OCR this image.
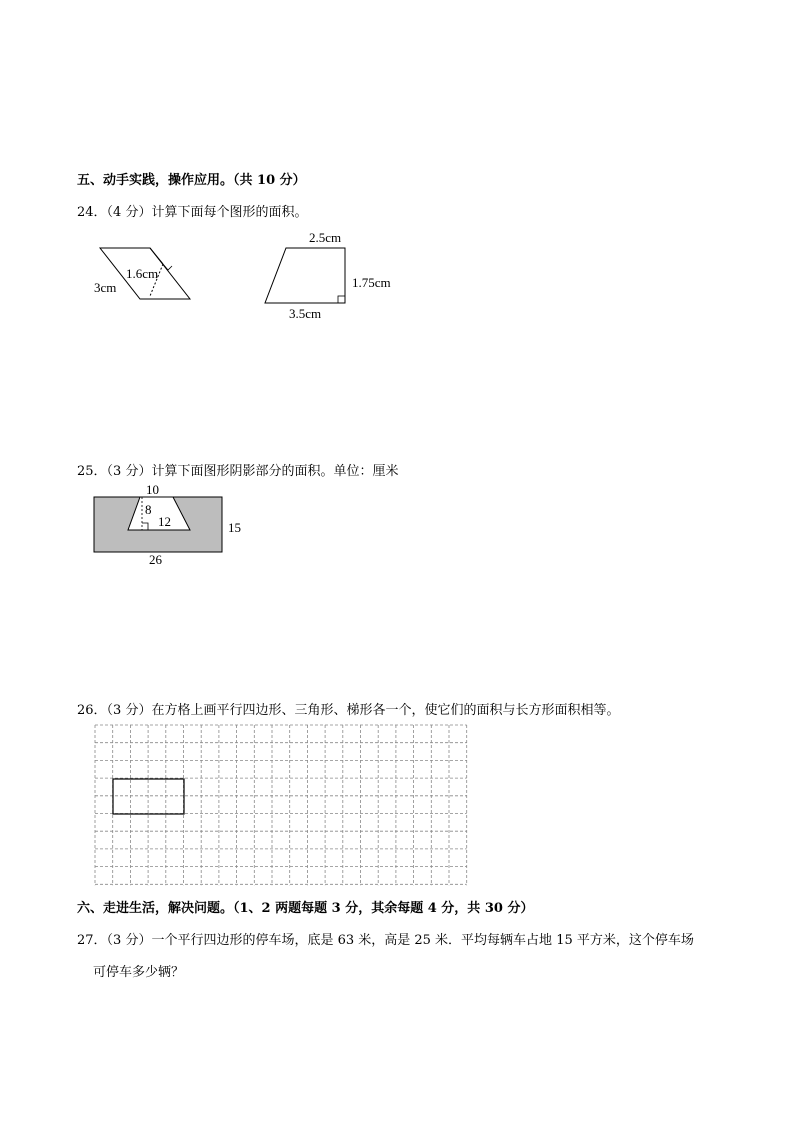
五、动手实践，操作应用。（共 10 分）
24．（4 分）计算下面每个图形的面积。
3cm
1.6cm
2.5cm
1.75cm
3.5cm
25．（3 分）计算下面图形阴影部分的面积。单位：厘米
10
8
12	15
26
26．（3 分）在方格上画平行四边形、三角形、梯形各一个，使它们的面积与长方形面积相等。
六、走进生活，解决问题。（1、2 两题每题 3 分，其余每题 4 分，共 30 分）
27．（3 分）一个平行四边形的停车场，底是 63 米，高是 25 米．平均每辆车占地 15 平方米，这个停车场
可停车多少辆？
